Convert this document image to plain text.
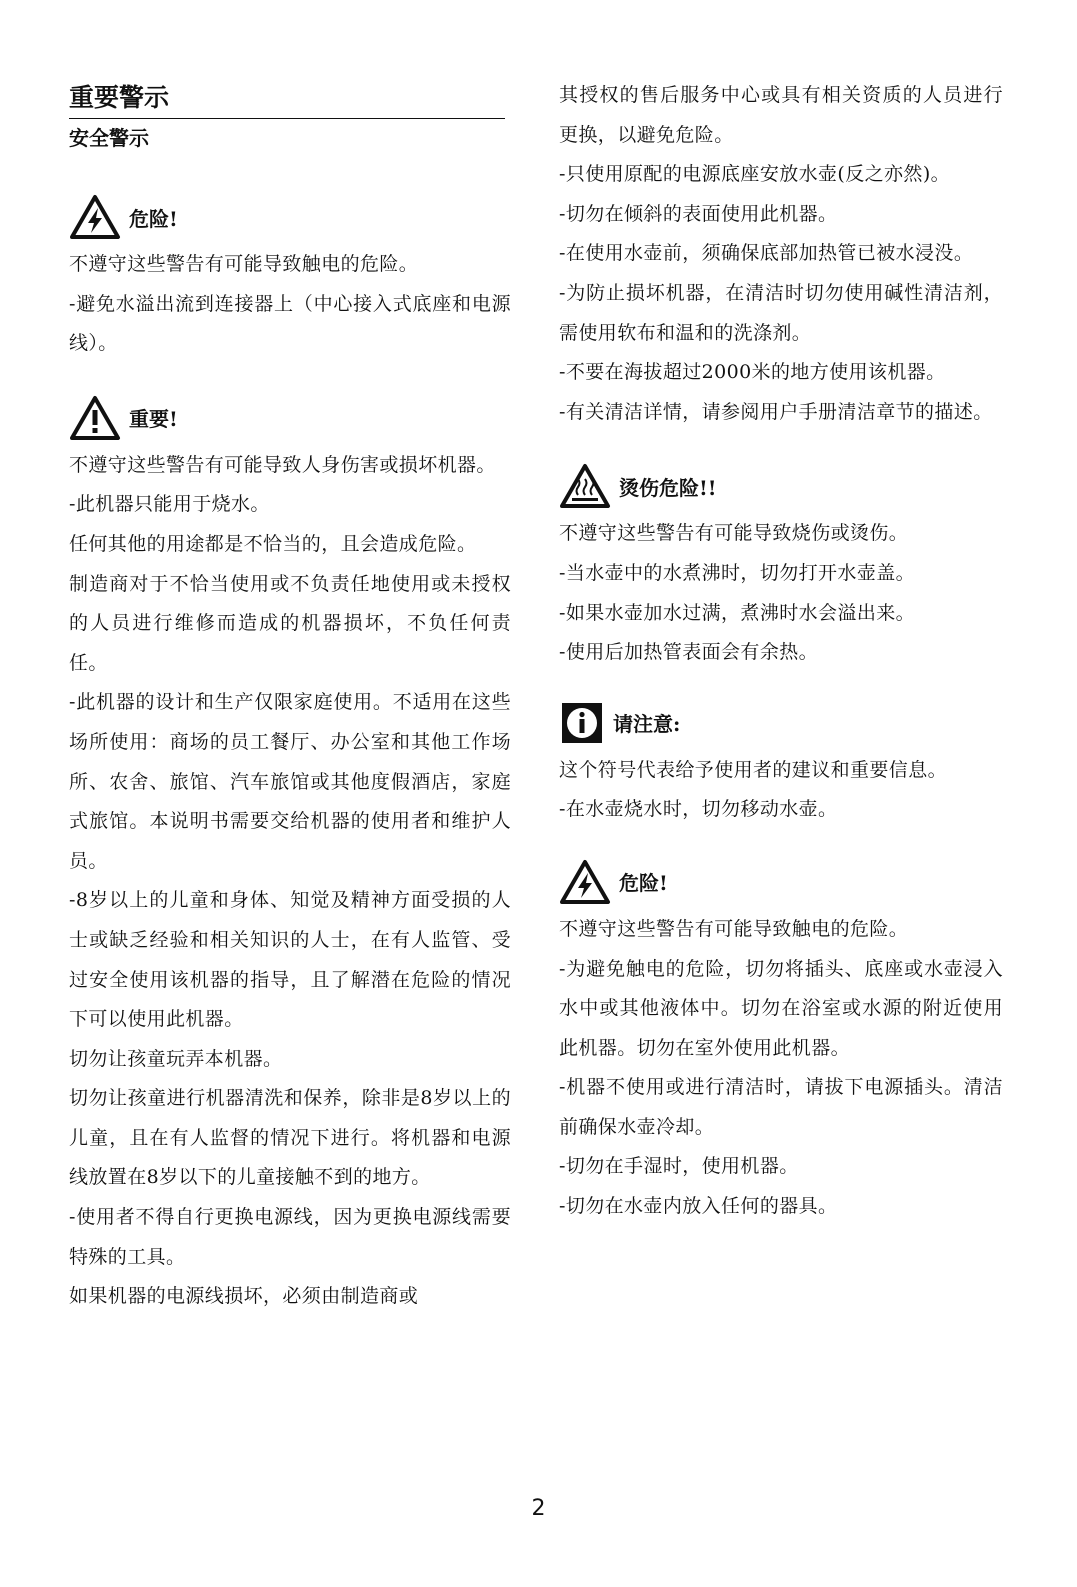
重要警示
安全警示
危险!

不遵守这些警告有可能导致触电的危险。

-避免水溢出流到连接器上（中心接入式底座和电源线）。

重要!

不遵守这些警告有可能导致人身伤害或损坏机器。

-此机器只能用于烧水。

任何其他的用途都是不恰当的，且会造成危险。

制造商对于不恰当使用或不负责任地使用或未授权的人员进行维修而造成的机器损坏，不负任何责任。

-此机器的设计和生产仅限家庭使用。不适用在这些场所使用：商场的员工餐厅、办公室和其他工作场所、农舍、旅馆、汽车旅馆或其他度假酒店，家庭式旅馆。本说明书需要交给机器的使用者和维护人员。

-8岁以上的儿童和身体、知觉及精神方面受损的人士或缺乏经验和相关知识的人士，在有人监管、受过安全使用该机器的指导，且了解潜在危险的情况下可以使用此机器。

切勿让孩童玩弄本机器。

切勿让孩童进行机器清洗和保养，除非是8岁以上的儿童，且在有人监督的情况下进行。将机器和电源线放置在8岁以下的儿童接触不到的地方。

-使用者不得自行更换电源线，因为更换电源线需要特殊的工具。

如果机器的电源线损坏，必须由制造商或

其授权的售后服务中心或具有相关资质的人员进行更换，以避免危险。

-只使用原配的电源底座安放水壶(反之亦然)。

-切勿在倾斜的表面使用此机器。

-在使用水壶前，须确保底部加热管已被水浸没。

-为防止损坏机器，在清洁时切勿使用碱性清洁剂，需使用软布和温和的洗涤剂。

-不要在海拔超过2000米的地方使用该机器。

-有关清洁详情，请参阅用户手册清洁章节的描述。

烫伤危险!!

不遵守这些警告有可能导致烧伤或烫伤。

-当水壶中的水煮沸时，切勿打开水壶盖。

-如果水壶加水过满，煮沸时水会溢出来。

-使用后加热管表面会有余热。

请注意:

这个符号代表给予使用者的建议和重要信息。

-在水壶烧水时，切勿移动水壶。

危险!

不遵守这些警告有可能导致触电的危险。

-为避免触电的危险，切勿将插头、底座或水壶浸入水中或其他液体中。切勿在浴室或水源的附近使用此机器。切勿在室外使用此机器。

-机器不使用或进行清洁时，请拔下电源插头。清洁前确保水壶冷却。

-切勿在手湿时，使用机器。

-切勿在水壶内放入任何的器具。

2
